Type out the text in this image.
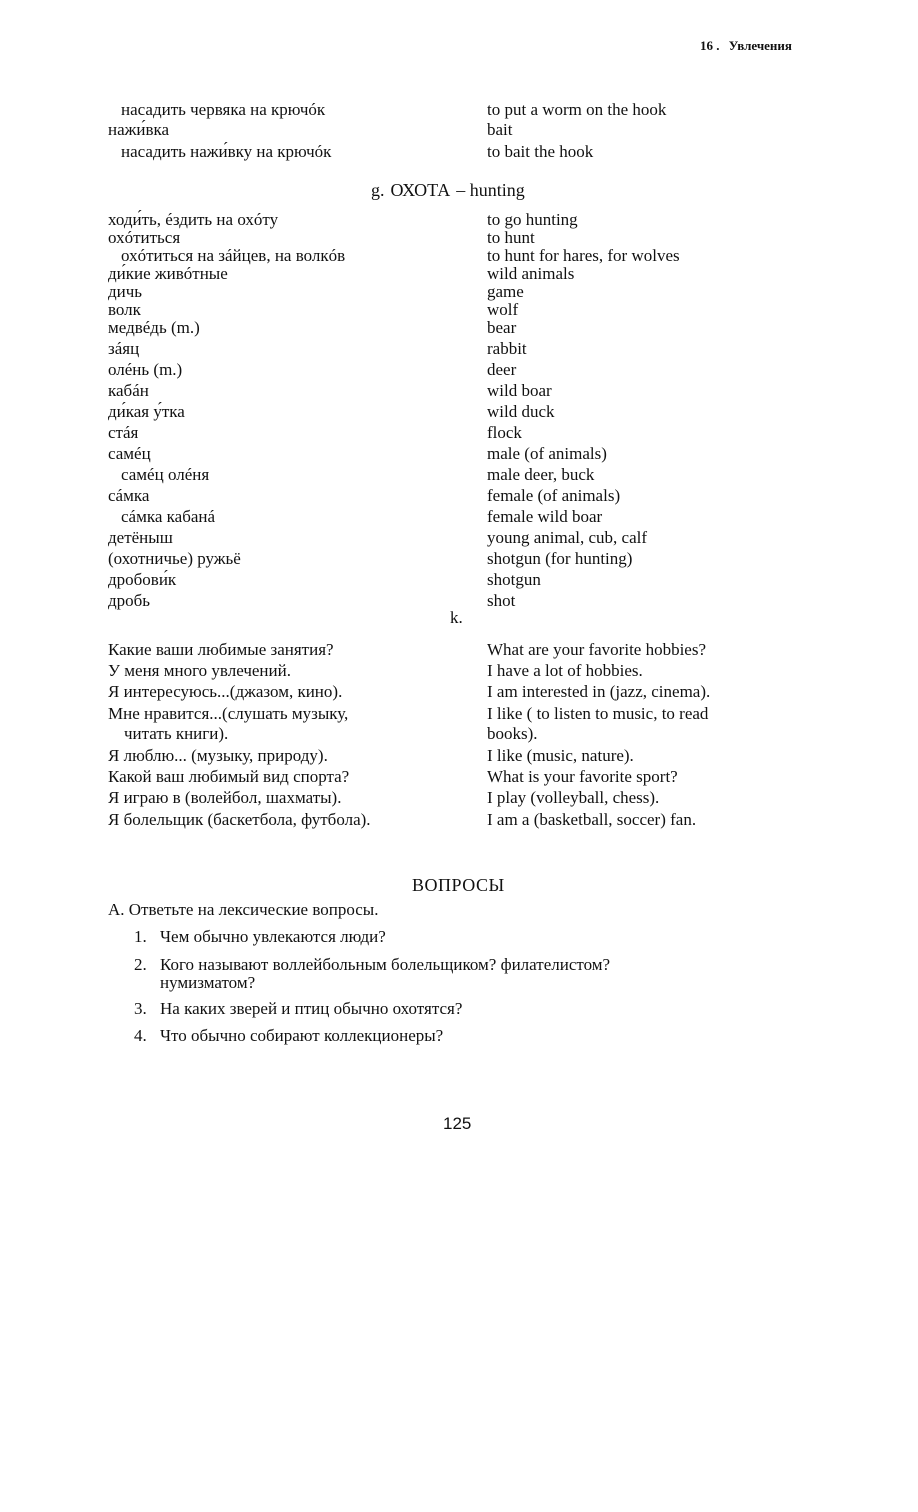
16 . Увлечения
насадить червяка на крючóк	to put a worm on the hook
нажи́вка	bait
насадить нажи́вку на крючóк	to bait the hook
g. ОХОТА – hunting
ходи́ть, éздить на охóту	to go hunting
охóтиться	to hunt
охóтиться на зáйцев, на волкóв	to hunt for hares, for wolves
ди́кие живóтные	wild animals
дичь	game
волк	wolf
медвéдь (m.)	bear
зáяц	rabbit
олéнь (m.)	deer
кабáн	wild boar
ди́кая у́тка	wild duck
стáя	flock
самéц	male (of animals)
самéц олéня	male deer, buck
сáмка	female (of animals)
сáмка кабанá	female wild boar
детёныш	young animal, cub, calf
(охотничье) ружьё	shotgun (for hunting)
дробови́к	shotgun
дробь	shot
k.
Какие ваши любимые занятия?	What are your favorite hobbies?
У меня много увлечений.	I have a lot of hobbies.
Я интересуюсь...(джазом, кино).	I am interested in (jazz, cinema).
Мне нравится...(слушать музыку,	I like ( to listen to music, to read
читать книги).	books).
Я люблю... (музыку, природу).	I like (music, nature).
Какой ваш любимый вид спорта?	What is your favorite sport?
Я играю в (волейбол, шахматы).	I play (volleyball, chess).
Я болельщик (баскетбола, футбола).	I am a (basketball, soccer) fan.
ВОПРОСЫ
А. Ответьте на лексические вопросы.
1. Чем обычно увлекаются люди?
2. Кого называют воллейбольным болельщиком? филателистом?
нумизматом?
3. На каких зверей и птиц обычно охотятся?
4. Что обычно собирают коллекционеры?
125
